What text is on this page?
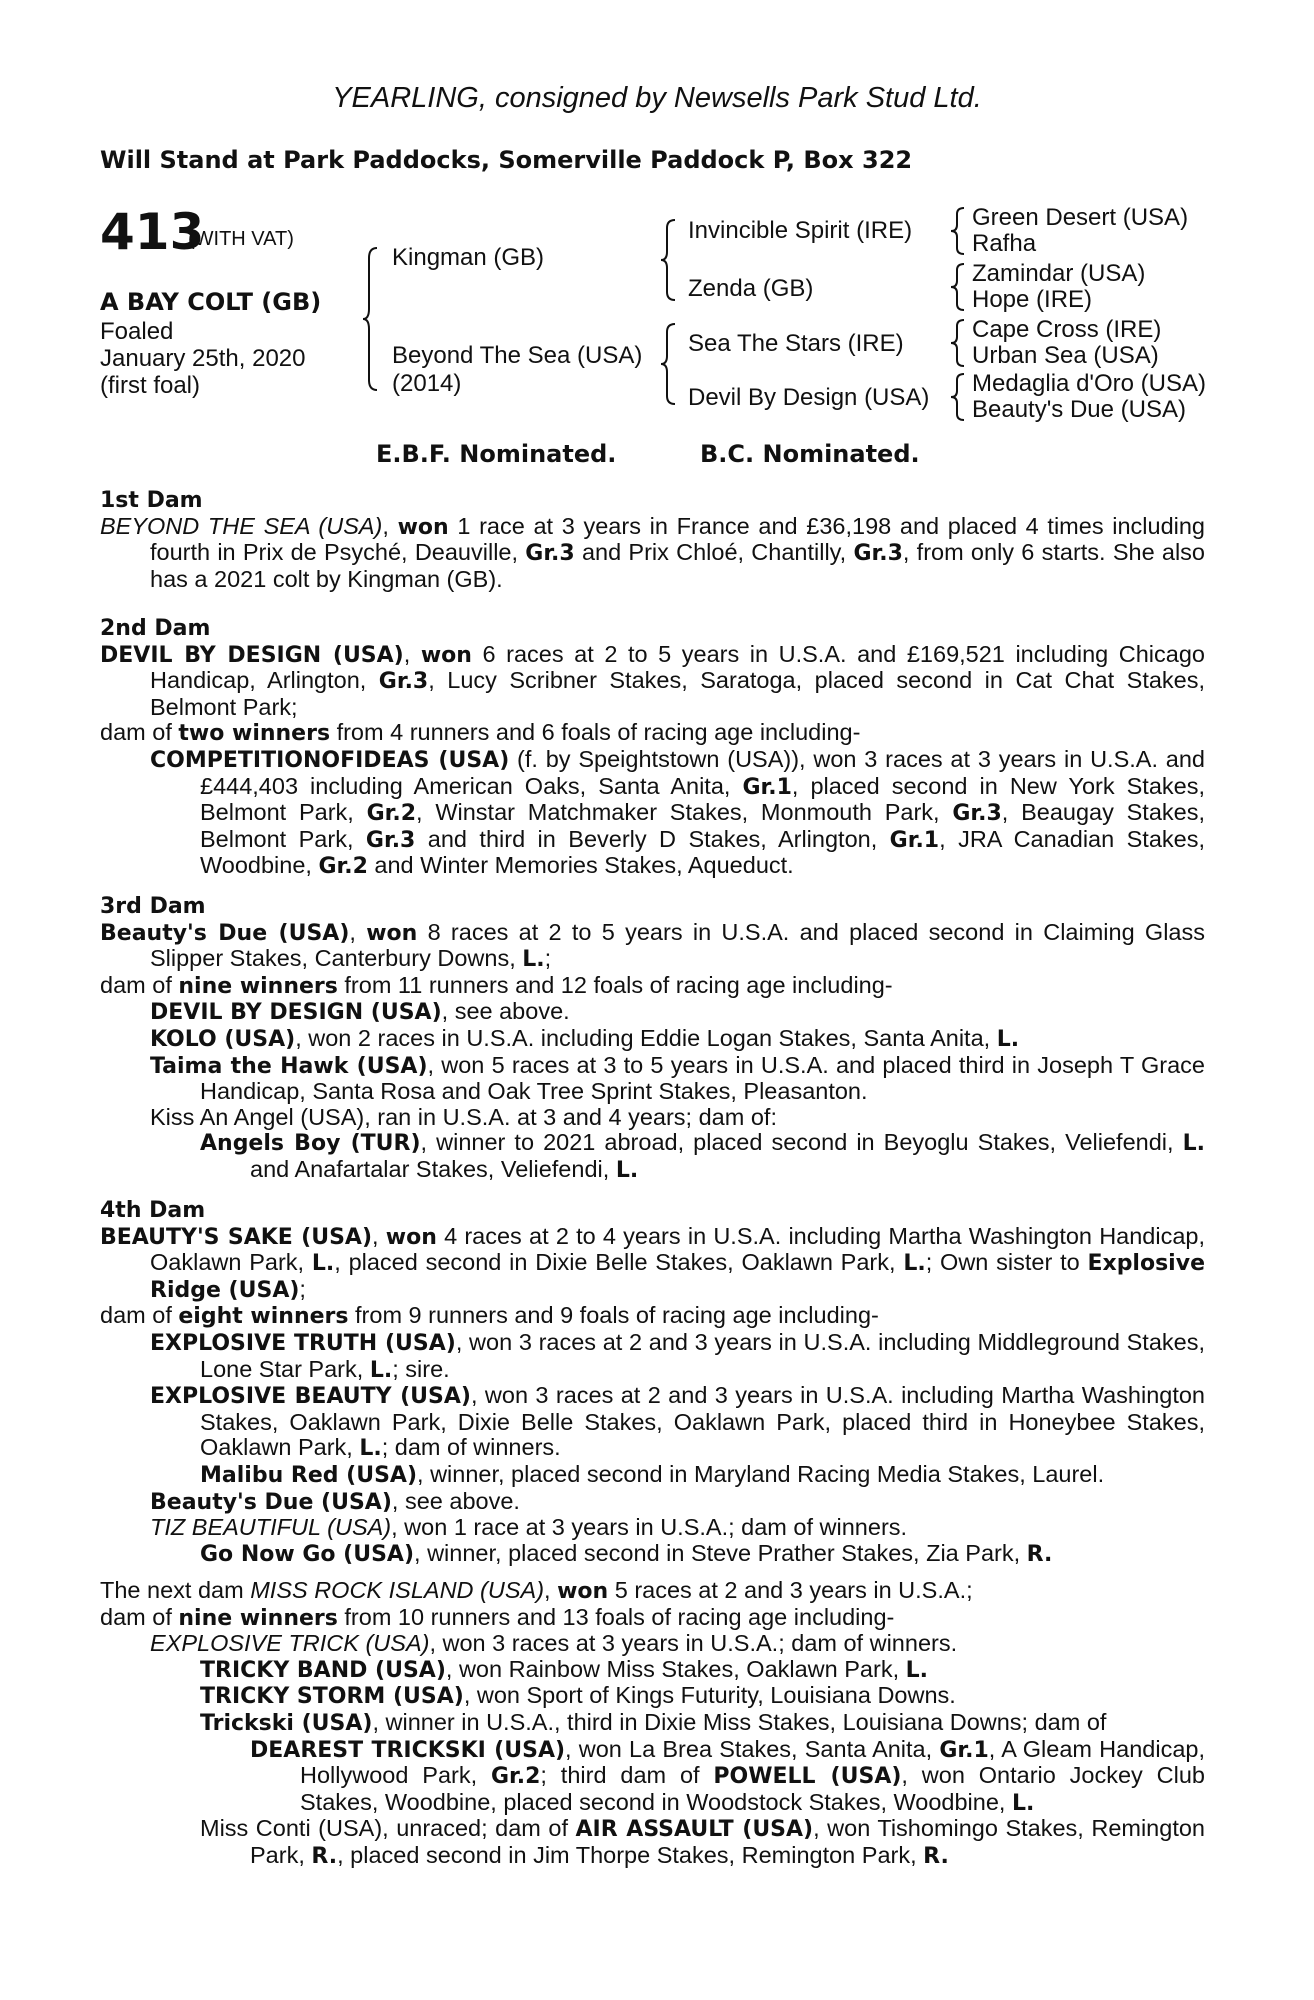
YEARLING, consigned by Newsells Park Stud Ltd.
Will Stand at Park Paddocks, Somerville Paddock P, Box 322
413
(WITH VAT)
A BAY COLT (GB)
Foaled
January 25th, 2020
(first foal)
Kingman (GB)
Beyond The Sea (USA)
(2014)
Invincible Spirit (IRE)
Zenda (GB)
Sea The Stars (IRE)
Devil By Design (USA)
Green Desert (USA)
Rafha
Zamindar (USA)
Hope (IRE)
Cape Cross (IRE)
Urban Sea (USA)
Medaglia d'Oro (USA)
Beauty's Due (USA)
E.B.F. Nominated.	B.C. Nominated.

1st Dam

BEYOND THE SEA (USA), won 1 race at 3 years in France and £36,198 and placed 4 times including fourth in Prix de Psyché, Deauville, Gr.3 and Prix Chloé, Chantilly, Gr.3, from only 6 starts. She also has a 2021 colt by Kingman (GB).

2nd Dam

DEVIL BY DESIGN (USA), won 6 races at 2 to 5 years in U.S.A. and £169,521 including Chicago Handicap, Arlington, Gr.3, Lucy Scribner Stakes, Saratoga, placed second in Cat Chat Stakes, Belmont Park;

dam of two winners from 4 runners and 6 foals of racing age including-

COMPETITIONOFIDEAS (USA) (f. by Speightstown (USA)), won 3 races at 3 years in U.S.A. and £444,403 including American Oaks, Santa Anita, Gr.1, placed second in New York Stakes, Belmont Park, Gr.2, Winstar Matchmaker Stakes, Monmouth Park, Gr.3, Beaugay Stakes, Belmont Park, Gr.3 and third in Beverly D Stakes, Arlington, Gr.1, JRA Canadian Stakes, Woodbine, Gr.2 and Winter Memories Stakes, Aqueduct.

3rd Dam

Beauty's Due (USA), won 8 races at 2 to 5 years in U.S.A. and placed second in Claiming Glass Slipper Stakes, Canterbury Downs, L.;

dam of nine winners from 11 runners and 12 foals of racing age including-

DEVIL BY DESIGN (USA), see above.

KOLO (USA), won 2 races in U.S.A. including Eddie Logan Stakes, Santa Anita, L.

Taima the Hawk (USA), won 5 races at 3 to 5 years in U.S.A. and placed third in Joseph T Grace Handicap, Santa Rosa and Oak Tree Sprint Stakes, Pleasanton.

Kiss An Angel (USA), ran in U.S.A. at 3 and 4 years; dam of:

Angels Boy (TUR), winner to 2021 abroad, placed second in Beyoglu Stakes, Veliefendi, L. and Anafartalar Stakes, Veliefendi, L.

4th Dam

BEAUTY'S SAKE (USA), won 4 races at 2 to 4 years in U.S.A. including Martha Washington Handicap, Oaklawn Park, L., placed second in Dixie Belle Stakes, Oaklawn Park, L.; Own sister to Explosive Ridge (USA);

dam of eight winners from 9 runners and 9 foals of racing age including-

EXPLOSIVE TRUTH (USA), won 3 races at 2 and 3 years in U.S.A. including Middleground Stakes, Lone Star Park, L.; sire.

EXPLOSIVE BEAUTY (USA), won 3 races at 2 and 3 years in U.S.A. including Martha Washington Stakes, Oaklawn Park, Dixie Belle Stakes, Oaklawn Park, placed third in Honeybee Stakes, Oaklawn Park, L.; dam of winners.

Malibu Red (USA), winner, placed second in Maryland Racing Media Stakes, Laurel.

Beauty's Due (USA), see above.

TIZ BEAUTIFUL (USA), won 1 race at 3 years in U.S.A.; dam of winners.

Go Now Go (USA), winner, placed second in Steve Prather Stakes, Zia Park, R.

The next dam MISS ROCK ISLAND (USA), won 5 races at 2 and 3 years in U.S.A.;

dam of nine winners from 10 runners and 13 foals of racing age including-

EXPLOSIVE TRICK (USA), won 3 races at 3 years in U.S.A.; dam of winners.

TRICKY BAND (USA), won Rainbow Miss Stakes, Oaklawn Park, L.

TRICKY STORM (USA), won Sport of Kings Futurity, Louisiana Downs.

Trickski (USA), winner in U.S.A., third in Dixie Miss Stakes, Louisiana Downs; dam of

DEAREST TRICKSKI (USA), won La Brea Stakes, Santa Anita, Gr.1, A Gleam Handicap, Hollywood Park, Gr.2; third dam of POWELL (USA), won Ontario Jockey Club Stakes, Woodbine, placed second in Woodstock Stakes, Woodbine, L.

Miss Conti (USA), unraced; dam of AIR ASSAULT (USA), won Tishomingo Stakes, Remington Park, R., placed second in Jim Thorpe Stakes, Remington Park, R.
